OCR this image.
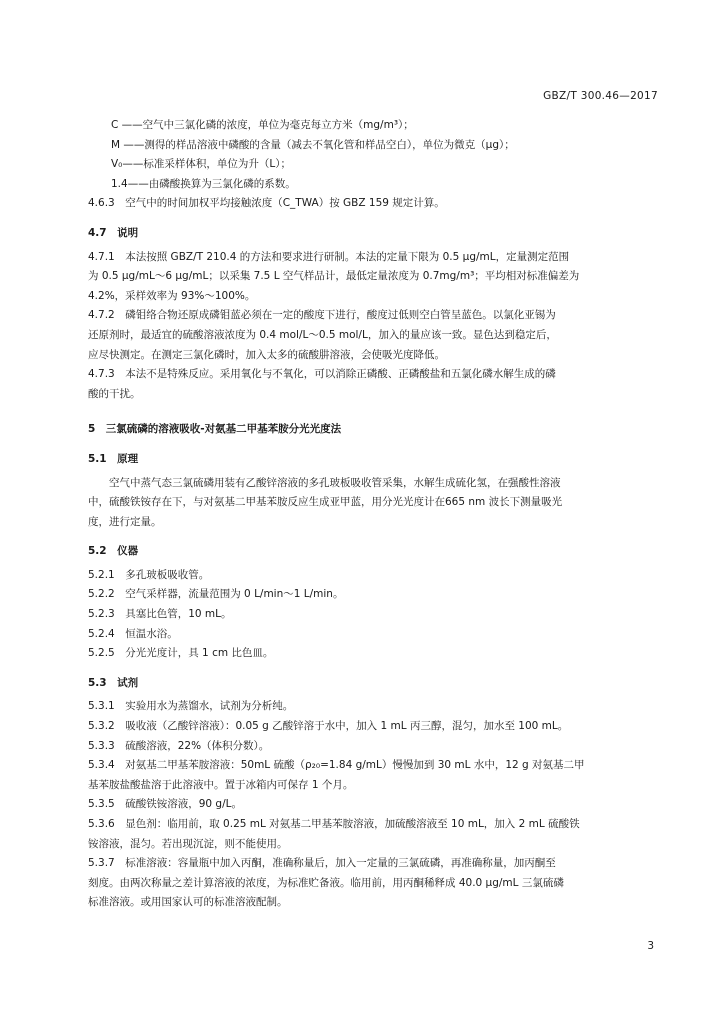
GBZ/T 300.46—2017
C ——空气中三氯化磷的浓度，单位为毫克每立方米（mg/m³）；
M ——测得的样品溶液中磷酸的含量（减去不氧化管和样品空白），单位为微克（μg）；
V₀——标准采样体积，单位为升（L）；
1.4——由磷酸换算为三氯化磷的系数。
4.6.3　空气中的时间加权平均接触浓度（C_TWA）按 GBZ 159 规定计算。
4.7　说明
4.7.1　本法按照 GBZ/T 210.4 的方法和要求进行研制。本法的定量下限为 0.5 μg/mL，定量测定范围
为 0.5 μg/mL～6 μg/mL；以采集 7.5 L 空气样品计，最低定量浓度为 0.7mg/m³；平均相对标准偏差为
4.2%，采样效率为 93%～100%。
4.7.2　磷钼络合物还原成磷钼蓝必须在一定的酸度下进行，酸度过低则空白管呈蓝色。以氯化亚锡为
还原剂时，最适宜的硫酸溶液浓度为 0.4 mol/L～0.5 mol/L，加入的量应该一致。显色达到稳定后，
应尽快测定。在测定三氯化磷时，加入太多的硫酸肼溶液，会使吸光度降低。
4.7.3　本法不是特殊反应。采用氧化与不氧化，可以消除正磷酸、正磷酸盐和五氯化磷水解生成的磷
酸的干扰。
5　三氯硫磷的溶液吸收-对氨基二甲基苯胺分光光度法
5.1　原理
空气中蒸气态三氯硫磷用装有乙酸锌溶液的多孔玻板吸收管采集，水解生成硫化氢，在强酸性溶液
中，硫酸铁铵存在下，与对氨基二甲基苯胺反应生成亚甲蓝，用分光光度计在665 nm 波长下测量吸光
度，进行定量。
5.2　仪器
5.2.1　多孔玻板吸收管。
5.2.2　空气采样器，流量范围为 0 L/min～1 L/min。
5.2.3　具塞比色管，10 mL。
5.2.4　恒温水浴。
5.2.5　分光光度计，具 1 cm 比色皿。
5.3　试剂
5.3.1　实验用水为蒸馏水，试剂为分析纯。
5.3.2　吸收液（乙酸锌溶液）：0.05 g 乙酸锌溶于水中，加入 1 mL 丙三醇，混匀，加水至 100 mL。
5.3.3　硫酸溶液，22%（体积分数）。
5.3.4　对氨基二甲基苯胺溶液：50mL 硫酸（ρ₂₀=1.84 g/mL）慢慢加到 30 mL 水中，12 g 对氨基二甲
基苯胺盐酸盐溶于此溶液中。置于冰箱内可保存 1 个月。
5.3.5　硫酸铁铵溶液，90 g/L。
5.3.6　显色剂：临用前，取 0.25 mL 对氨基二甲基苯胺溶液，加硫酸溶液至 10 mL，加入 2 mL 硫酸铁
铵溶液，混匀。若出现沉淀，则不能使用。
5.3.7　标准溶液：容量瓶中加入丙酮，准确称量后，加入一定量的三氯硫磷，再准确称量，加丙酮至
刻度。由两次称量之差计算溶液的浓度，为标准贮备液。临用前，用丙酮稀释成 40.0 μg/mL 三氯硫磷
标准溶液。或用国家认可的标准溶液配制。
3
